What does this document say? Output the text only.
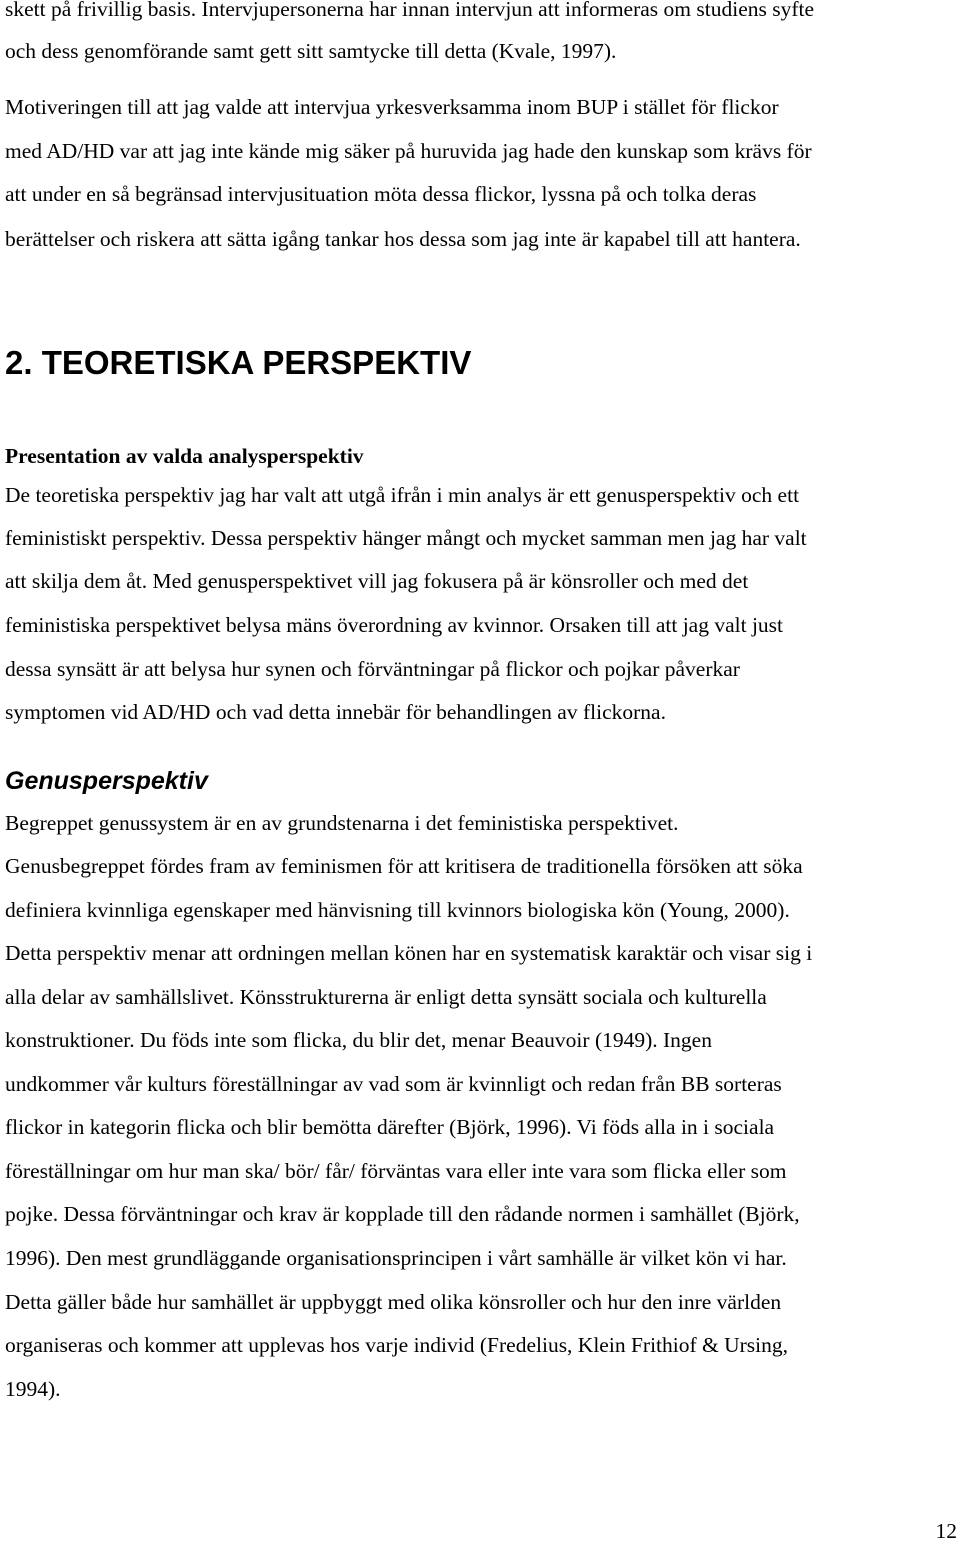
skett på frivillig basis. Intervjupersonerna har innan intervjun att informeras om studiens syfte
och dess genomförande samt gett sitt samtycke till detta (Kvale, 1997).
Motiveringen till att jag valde att intervjua yrkesverksamma inom BUP i stället för flickor
med AD/HD var att jag inte kände mig säker på huruvida jag hade den kunskap som krävs för
att under en så begränsad intervjusituation möta dessa flickor, lyssna på och tolka deras
berättelser och riskera att sätta igång tankar hos dessa som jag inte är kapabel till att hantera.
2. TEORETISKA PERSPEKTIV
Presentation av valda analysperspektiv
De teoretiska perspektiv jag har valt att utgå ifrån i min analys är ett genusperspektiv och ett
feministiskt perspektiv. Dessa perspektiv hänger mångt och mycket samman men jag har valt
att skilja dem åt. Med genusperspektivet vill jag fokusera på är könsroller och med det
feministiska perspektivet belysa mäns överordning av kvinnor. Orsaken till att jag valt just
dessa synsätt är att belysa hur synen och förväntningar på flickor och pojkar påverkar
symptomen vid AD/HD och vad detta innebär för behandlingen av flickorna.
Genusperspektiv
Begreppet genussystem är en av grundstenarna i det feministiska perspektivet.
Genusbegreppet fördes fram av feminismen för att kritisera de traditionella försöken att söka
definiera kvinnliga egenskaper med hänvisning till kvinnors biologiska kön (Young, 2000).
Detta perspektiv menar att ordningen mellan könen har en systematisk karaktär och visar sig i
alla delar av samhällslivet. Könsstrukturerna är enligt detta synsätt sociala och kulturella
konstruktioner. Du föds inte som flicka, du blir det, menar Beauvoir (1949). Ingen
undkommer vår kulturs föreställningar av vad som är kvinnligt och redan från BB sorteras
flickor in kategorin flicka och blir bemötta därefter (Björk, 1996). Vi föds alla in i sociala
föreställningar om hur man ska/ bör/ får/ förväntas vara eller inte vara som flicka eller som
pojke. Dessa förväntningar och krav är kopplade till den rådande normen i samhället (Björk,
1996). Den mest grundläggande organisationsprincipen i vårt samhälle är vilket kön vi har.
Detta gäller både hur samhället är uppbyggt med olika könsroller och hur den inre världen
organiseras och kommer att upplevas hos varje individ (Fredelius, Klein Frithiof & Ursing,
1994).
12
